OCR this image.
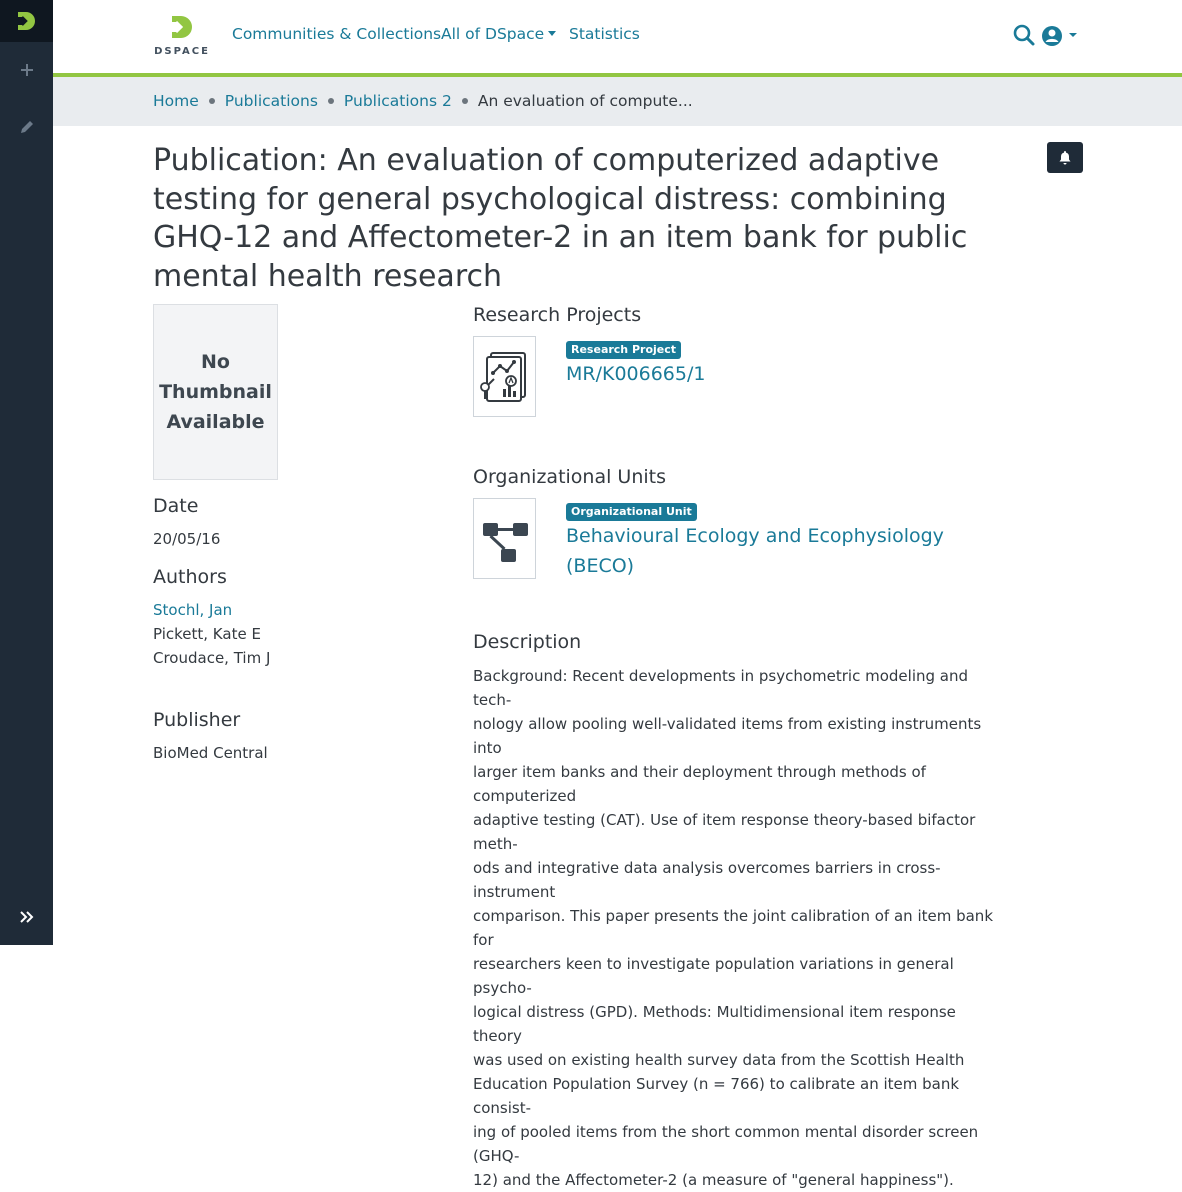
DSPACE
Communities & Collections All of DSpace	Statistics
Home Publications Publications 2 An evaluation of compute...
Publication: An evaluation of computerized adaptive testing for general psychological distress: combining GHQ-12 and Affectometer-2 in an item bank for public mental health research
No
Thumbnail
Available
Date
20/05/16
Authors
Stochl, Jan
Pickett, Kate E
Croudace, Tim J
Publisher
BioMed Central
Research Projects
Research Project
MR/K006665/1
Organizational Units
Organizational Unit
Behavioural Ecology and Ecophysiology
(BECO)
Description
Background: Recent developments in psychometric modeling and tech-
nology allow pooling well-validated items from existing instruments into
larger item banks and their deployment through methods of computerized
adaptive testing (CAT). Use of item response theory-based bifactor meth-
ods and integrative data analysis overcomes barriers in cross-instrument
comparison. This paper presents the joint calibration of an item bank for
researchers keen to investigate population variations in general psycho-
logical distress (GPD). Methods: Multidimensional item response theory
was used on existing health survey data from the Scottish Health
Education Population Survey (n = 766) to calibrate an item bank consist-
ing of pooled items from the short common mental disorder screen (GHQ-
12) and the Affectometer-2 (a measure of "general happiness").
